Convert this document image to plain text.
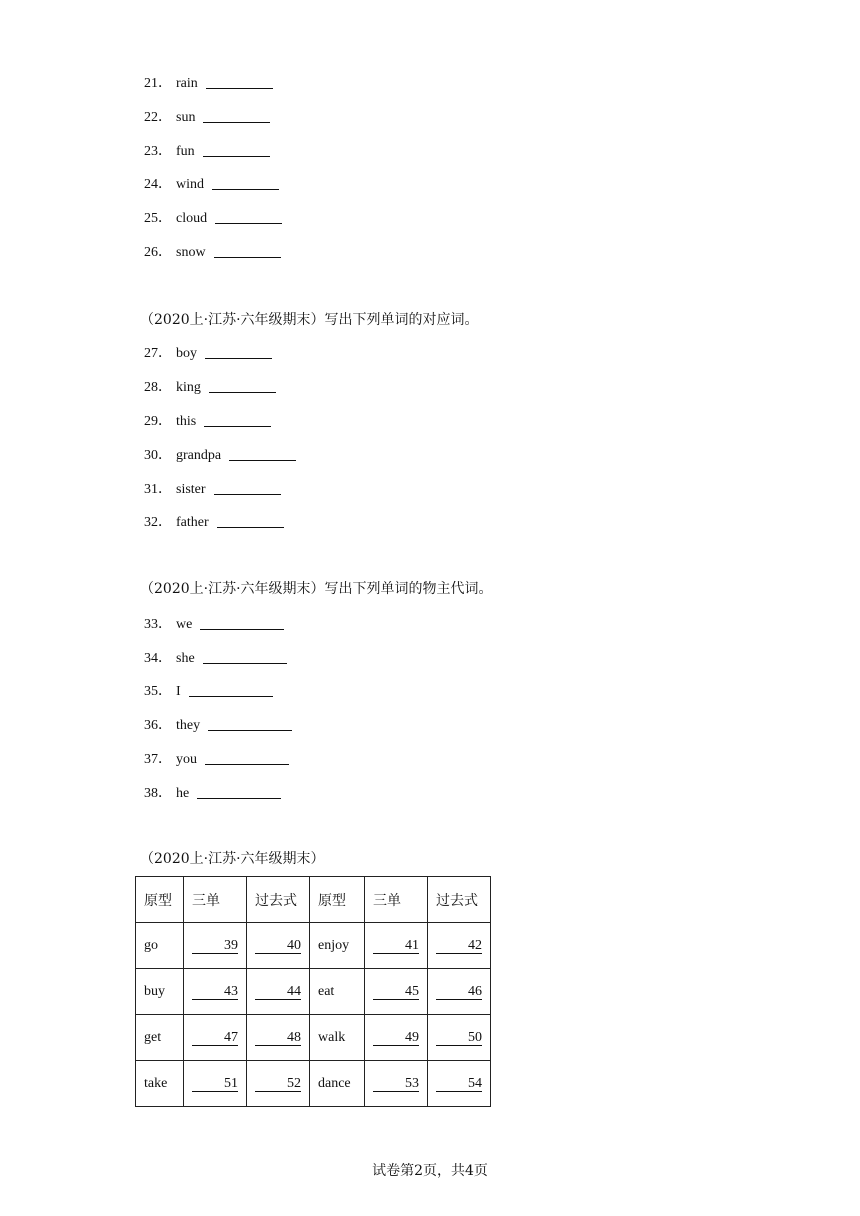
21． rain
22． sun
23． fun
24． wind
25． cloud
26． snow
（2020上·江苏·六年级期末）写出下列单词的对应词。
27． boy
28． king
29． this
30． grandpa
31． sister
32． father
（2020上·江苏·六年级期末）写出下列单词的物主代词。
33． we
34． she
35． I
36． they
37． you
38． he
（2020上·江苏·六年级期末）
原型	三单	过去式	原型	三单	过去式
go	39	40	enjoy	41	42
buy	43	44	eat	45	46
get	47	48	walk	49	50
take	51	52	dance	53	54
试卷第2页，共4页
